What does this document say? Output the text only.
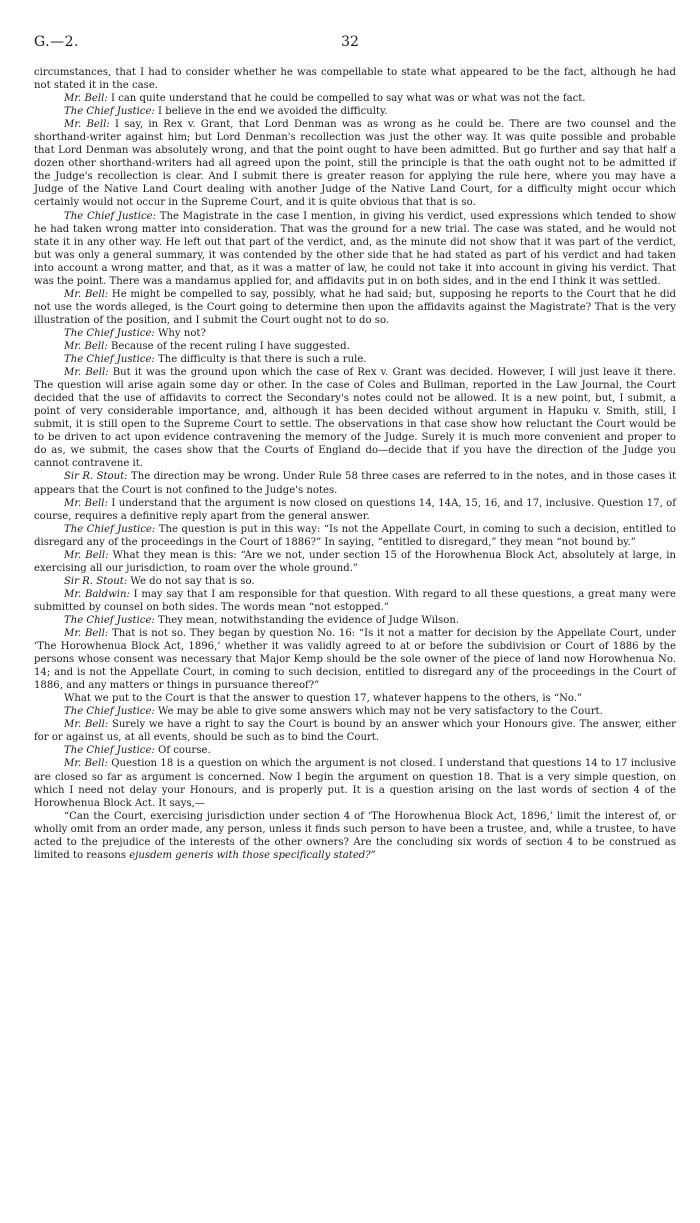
G.—2.	32

circumstances, that I had to consider whether he was compellable to state what appeared to be the fact, although he had not stated it in the case.

Mr. Bell: I can quite understand that he could be compelled to say what was or what was not the fact.

The Chief Justice: I believe in the end we avoided the difficulty.

Mr. Bell: I say, in Rex v. Grant, that Lord Denman was as wrong as he could be. There are two counsel and the shorthand-writer against him; but Lord Denman's recollection was just the other way. It was quite possible and probable that Lord Denman was absolutely wrong, and that the point ought to have been admitted. But go further and say that half a dozen other shorthand-writers had all agreed upon the point, still the principle is that the oath ought not to be admitted if the Judge's recollection is clear. And I submit there is greater reason for applying the rule here, where you may have a Judge of the Native Land Court dealing with another Judge of the Native Land Court, for a difficulty might occur which certainly would not occur in the Supreme Court, and it is quite obvious that that is so.

The Chief Justice: The Magistrate in the case I mention, in giving his verdict, used expressions which tended to show he had taken wrong matter into consideration. That was the ground for a new trial. The case was stated, and he would not state it in any other way. He left out that part of the verdict, and, as the minute did not show that it was part of the verdict, but was only a general summary, it was contended by the other side that he had stated as part of his verdict and had taken into account a wrong matter, and that, as it was a matter of law, he could not take it into account in giving his verdict. That was the point. There was a mandamus applied for, and affidavits put in on both sides, and in the end I think it was settled.

Mr. Bell: He might be compelled to say, possibly, what he had said; but, supposing he reports to the Court that he did not use the words alleged, is the Court going to determine then upon the affidavits against the Magistrate? That is the very illustration of the position, and I submit the Court ought not to do so.

The Chief Justice: Why not?

Mr. Bell: Because of the recent ruling I have suggested.

The Chief Justice: The difficulty is that there is such a rule.

Mr. Bell: But it was the ground upon which the case of Rex v. Grant was decided. However, I will just leave it there. The question will arise again some day or other. In the case of Coles and Bullman, reported in the Law Journal, the Court decided that the use of affidavits to correct the Secondary's notes could not be allowed. It is a new point, but, I submit, a point of very considerable importance, and, although it has been decided without argument in Hapuku v. Smith, still, I submit, it is still open to the Supreme Court to settle. The observations in that case show how reluctant the Court would be to be driven to act upon evidence contravening the memory of the Judge. Surely it is much more convenient and proper to do as, we submit, the cases show that the Courts of England do—decide that if you have the direction of the Judge you cannot contravene it.

Sir R. Stout: The direction may be wrong. Under Rule 58 three cases are referred to in the notes, and in those cases it appears that the Court is not confined to the Judge's notes.

Mr. Bell: I understand that the argument is now closed on questions 14, 14A, 15, 16, and 17, inclusive. Question 17, of course, requires a definitive reply apart from the general answer.

The Chief Justice: The question is put in this way: “Is not the Appellate Court, in coming to such a decision, entitled to disregard any of the proceedings in the Court of 1886?” In saying, “entitled to disregard,” they mean “not bound by.”

Mr. Bell: What they mean is this: “Are we not, under section 15 of the Horowhenua Block Act, absolutely at large, in exercising all our jurisdiction, to roam over the whole ground.”

Sir R. Stout: We do not say that is so.

Mr. Baldwin: I may say that I am responsible for that question. With regard to all these questions, a great many were submitted by counsel on both sides. The words mean “not estopped.”

The Chief Justice: They mean, notwithstanding the evidence of Judge Wilson.

Mr. Bell: That is not so. They began by question No. 16: “Is it not a matter for decision by the Appellate Court, under ‘The Horowhenua Block Act, 1896,’ whether it was validly agreed to at or before the subdivision or Court of 1886 by the persons whose consent was necessary that Major Kemp should be the sole owner of the piece of land now Horowhenua No. 14; and is not the Appellate Court, in coming to such decision, entitled to disregard any of the proceedings in the Court of 1886, and any matters or things in pursuance thereof?”

What we put to the Court is that the answer to question 17, whatever happens to the others, is “No.”

The Chief Justice: We may be able to give some answers which may not be very satisfactory to the Court.

Mr. Bell: Surely we have a right to say the Court is bound by an answer which your Honours give. The answer, either for or against us, at all events, should be such as to bind the Court.

The Chief Justice: Of course.

Mr. Bell: Question 18 is a question on which the argument is not closed. I understand that questions 14 to 17 inclusive are closed so far as argument is concerned. Now I begin the argument on question 18. That is a very simple question, on which I need not delay your Honours, and is properly put. It is a question arising on the last words of section 4 of the Horowhenua Block Act. It says,—

“Can the Court, exercising jurisdiction under section 4 of ‘The Horowhenua Block Act, 1896,’ limit the interest of, or wholly omit from an order made, any person, unless it finds such person to have been a trustee, and, while a trustee, to have acted to the prejudice of the interests of the other owners? Are the concluding six words of section 4 to be construed as limited to reasons ejusdem generis with those specifically stated?”
